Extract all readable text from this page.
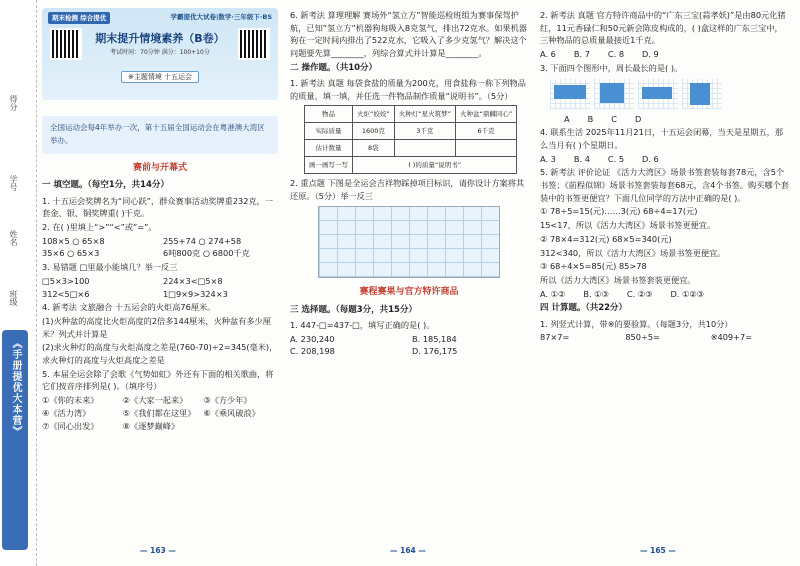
得分
学号
姓名
班级
《手册提优大本营》
期末检测 综合提优	学霸提优大试卷|数学·三年级下·BS
期末提升情境素养（B卷）
考试时间：70分钟 满分：100+10分
※主题情境 十五运会
全国运动会每4年举办一次，第十五届全国运动会在粤港澳大湾区举办。
赛前与开幕式
一 填空题。（每空1分，共14分）
1. 十五运会奖牌名为“同心跃”，群众赛事活动奖牌重232克，一套金、银、铜奖牌重( )千克。
2. 在( )里填上“>”“<”或“=”。
108×5 ○ 65×8	255+74 ○ 274+58
35×6 ○ 65×3	6吨800克 ○ 6800千克
3. 易错题 □里最小能填几？举一反三
□5×3>100	224×3<□5×8
312<5□×6	1□9×9>324×3
4. 新考法 文旅融合 十五运会的火炬高76厘米。
(1)火种盆的高度比火炬高度的2倍多144厘米，火种盆有多少厘米？列式并计算是
(2)求火种灯的高度与火炬高度之差是(760-70)÷2=345(毫米)，求火种灯的高度与火炬高度之差是
5. 本届全运会除了会歌《气势如虹》外还有下面的相关歌曲，将它们按音序排列是( )。（填序号）
①《你的未来》	②《大家一起来》	③《方少年》
④《活力湾》	⑤《我们都在这里》 ⑥《乘风破浪》
⑦《同心出发》	⑧《逐梦巅峰》
— 163 —
6. 新考法 算理理解 赛场外“氢立方”智能巡检班组为赛事保驾护航，已知“氢立方”机器狗每吸入8克氢气，排出72克水。如果机器狗在一定时间内排出了522克水，它吸入了多少克氢气？解决这个问题要先算________，列综合算式并计算是________。
二 操作题。（共10分）
1. 新考法 真题 每袋食盐的质量为200克，用食盐称一称下列物品的质量，填一填，并任选一件物品制作质量“说明书”。（5分）
物品	火炬“姣姣”	火种灯“星火筑梦”	火种盆“鼎麟同心”
实际质量	1600克	3千克	6千克
估计数量	8袋		
画一画写一写	( )的质量“说明书”		
2. 重点题 下图是全运会吉祥物踩掉项目标识，请你设计方案将其还原。（5分）举一反三
赛程赛果与官方特许商品
三 选择题。（每题3分，共15分）
1. 447-□=437-□，填写正确的是( )。
A. 230,240	B. 185,184
C. 208,198	D. 176,175
— 164 —
2. 新考法 真题 官方特许商品中的“广东三宝(蒜孝妖)”是由80元化猪红，11元香碌仁和50元新会陈皮构成的，( )盒这样的广东三宝中，三种物品的总质量最接近1千克。
A. 6 B. 7 C. 8 D. 9
3. 下面四个图形中，周长最长的是( )。
A B C D
4. 联系生活 2025年11月21日，十五运会闭幕，当天是星期五，那么当月有( )个星期日。
A. 3 B. 4 C. 5 D. 6
5. 新考法 评价论证 《活力大湾区》场景书签套装每套78元，含5个书签；《前程似锦》场景书签套装每套68元，含4个书签。购买哪个套装中的书签更便宜？下面几位同学的方法中正确的是( )。
① 78÷5=15(元)……3(元) 68÷4=17(元)
15<17，所以《活力大湾区》场景书签更便宜。
② 78×4=312(元) 68×5=340(元)
312<340，所以《活力大湾区》场景书签更便宜。
③ 68÷4×5=85(元) 85>78
所以《活力大湾区》场景书签套装更便宜。
A. ①② B. ①③ C. ②③ D. ①②③
四 计算题。（共22分）
1. 列竖式计算，带※的要验算。（每题3分，共10分）
87×7=	850÷5=	※409+7=
— 165 —
